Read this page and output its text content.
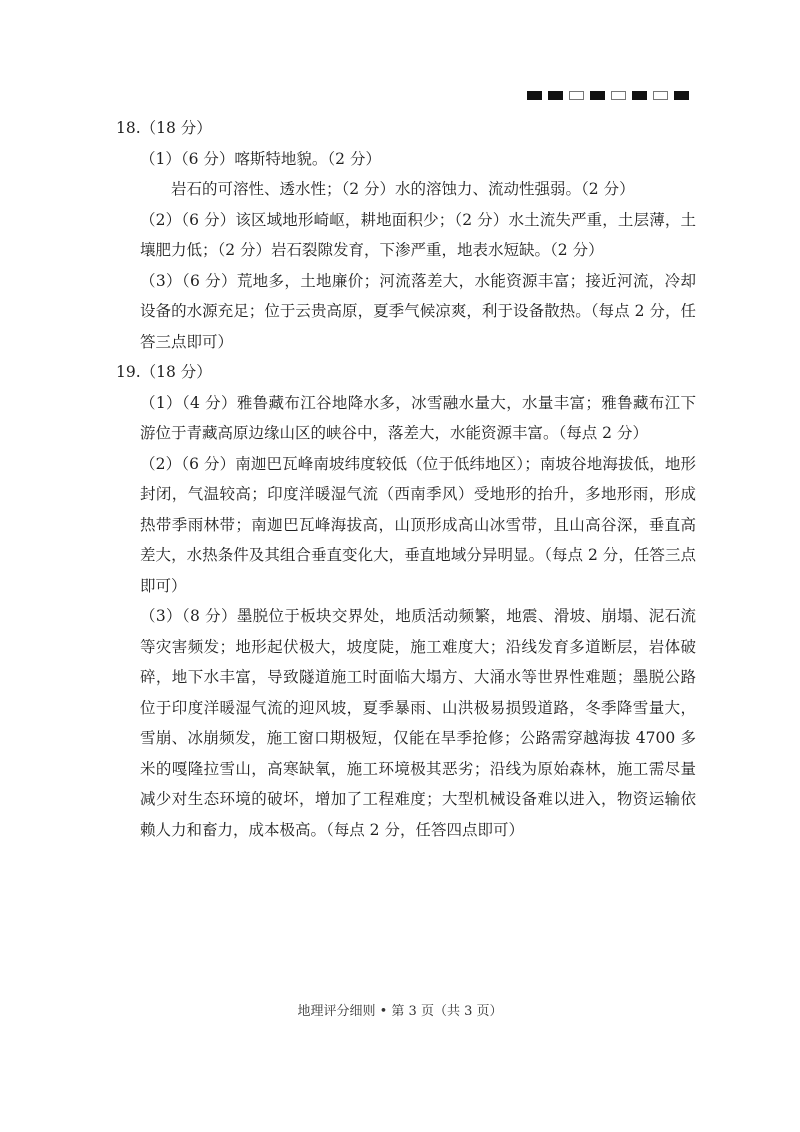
18.（18 分）

（1）（6 分）喀斯特地貌。（2 分）

岩石的可溶性、透水性；（2 分）水的溶蚀力、流动性强弱。（2 分）

（2）（6 分）该区域地形崎岖，耕地面积少；（2 分）水土流失严重，土层薄，土壤肥力低；（2 分）岩石裂隙发育，下渗严重，地表水短缺。（2 分）

（3）（6 分）荒地多，土地廉价；河流落差大，水能资源丰富；接近河流，冷却设备的水源充足；位于云贵高原，夏季气候凉爽，利于设备散热。（每点 2 分，任答三点即可）

19.（18 分）

（1）（4 分）雅鲁藏布江谷地降水多，冰雪融水量大，水量丰富；雅鲁藏布江下游位于青藏高原边缘山区的峡谷中，落差大，水能资源丰富。（每点 2 分）

（2）（6 分）南迦巴瓦峰南坡纬度较低（位于低纬地区）；南坡谷地海拔低，地形封闭，气温较高；印度洋暖湿气流（西南季风）受地形的抬升，多地形雨，形成热带季雨林带；南迦巴瓦峰海拔高，山顶形成高山冰雪带，且山高谷深，垂直高差大，水热条件及其组合垂直变化大，垂直地域分异明显。（每点 2 分，任答三点即可）

（3）（8 分）墨脱位于板块交界处，地质活动频繁，地震、滑坡、崩塌、泥石流等灾害频发；地形起伏极大，坡度陡，施工难度大；沿线发育多道断层，岩体破碎，地下水丰富，导致隧道施工时面临大塌方、大涌水等世界性难题；墨脱公路位于印度洋暖湿气流的迎风坡，夏季暴雨、山洪极易损毁道路，冬季降雪量大，雪崩、冰崩频发，施工窗口期极短，仅能在旱季抢修；公路需穿越海拔 4700 多米的嘎隆拉雪山，高寒缺氧，施工环境极其恶劣；沿线为原始森林，施工需尽量减少对生态环境的破坏，增加了工程难度；大型机械设备难以进入，物资运输依赖人力和畜力，成本极高。（每点 2 分，任答四点即可）

地理评分细则 • 第 3 页（共 3 页）
